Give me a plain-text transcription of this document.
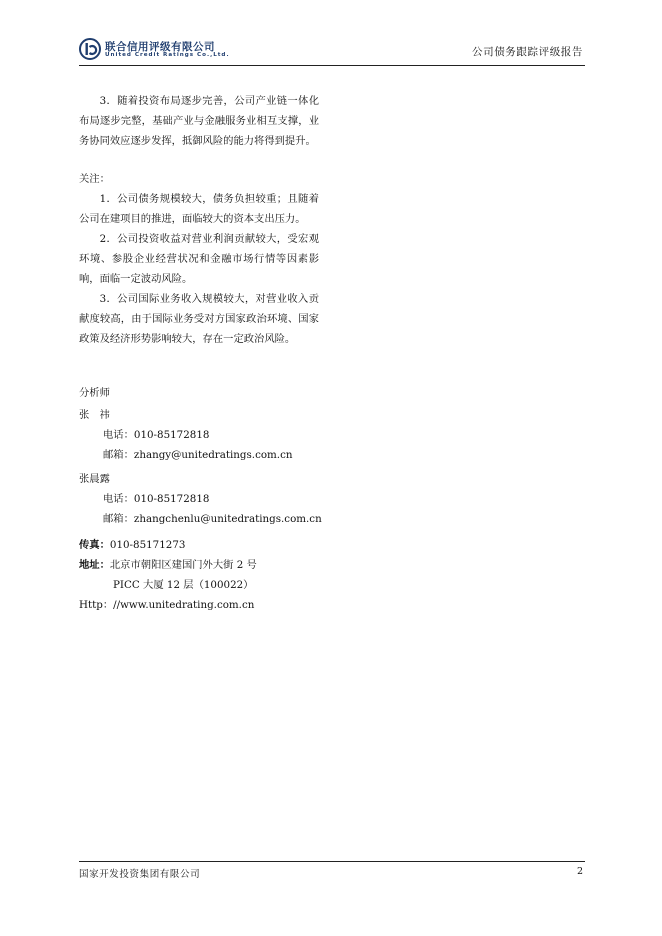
联合信用评级有限公司
United Credit Ratings Co.,Ltd.	公司债务跟踪评级报告

3．随着投资布局逐步完善，公司产业链一体化布局逐步完整，基础产业与金融服务业相互支撑，业务协同效应逐步发挥，抵御风险的能力将得到提升。

关注：

1．公司债务规模较大，债务负担较重；且随着公司在建项目的推进，面临较大的资本支出压力。

2．公司投资收益对营业利润贡献较大，受宏观环境、参股企业经营状况和金融市场行情等因素影响，面临一定波动风险。

3．公司国际业务收入规模较大，对营业收入贡献度较高，由于国际业务受对方国家政治环境、国家政策及经济形势影响较大，存在一定政治风险。

分析师

张　祎

电话：010-85172818

邮箱：zhangy@unitedratings.com.cn

张晨露

电话：010-85172818

邮箱：zhangchenlu@unitedratings.com.cn

传真：010-85171273

地址：北京市朝阳区建国门外大街 2 号

PICC 大厦 12 层（100022）

Http：//www.unitedrating.com.cn

国家开发投资集团有限公司	2
